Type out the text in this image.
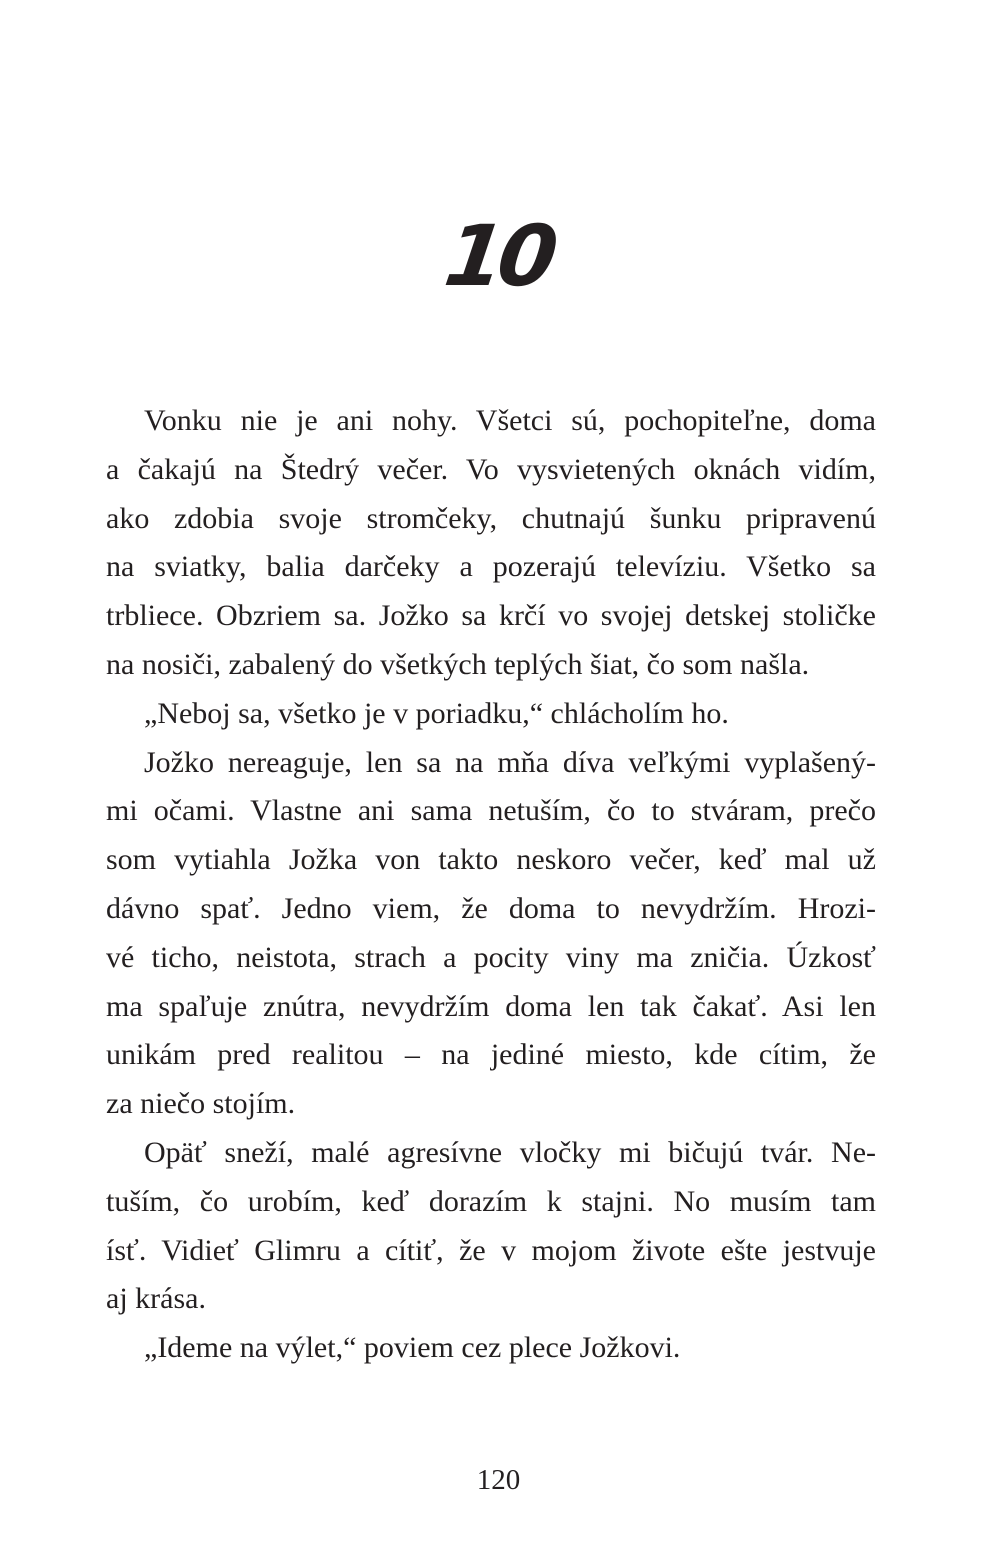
10
Vonku nie je ani nohy. Všetci sú, pochopiteľne, doma
a čakajú na Štedrý večer. Vo vysvietených oknách vidím,
ako zdobia svoje stromčeky, chutnajú šunku pripravenú
na sviatky, balia darčeky a pozerajú televíziu. Všetko sa
trbliece. Obzriem sa. Jožko sa krčí vo svojej detskej stoličke
na nosiči, zabalený do všetkých teplých šiat, čo som našla.
„Neboj sa, všetko je v poriadku,“ chlácholím ho.
Jožko nereaguje, len sa na mňa díva veľkými vyplašený-
mi očami. Vlastne ani sama netuším, čo to stváram, prečo
som vytiahla Jožka von takto neskoro večer, keď mal už
dávno spať. Jedno viem, že doma to nevydržím. Hrozi-
vé ticho, neistota, strach a pocity viny ma zničia. Úzkosť
ma spaľuje znútra, nevydržím doma len tak čakať. Asi len
unikám pred realitou – na jediné miesto, kde cítim, že
za niečo stojím.
Opäť sneží, malé agresívne vločky mi bičujú tvár. Ne-
tuším, čo urobím, keď dorazím k stajni. No musím tam
ísť. Vidieť Glimru a cítiť, že v mojom živote ešte jestvuje
aj krása.
„Ideme na výlet,“ poviem cez plece Jožkovi.
120
